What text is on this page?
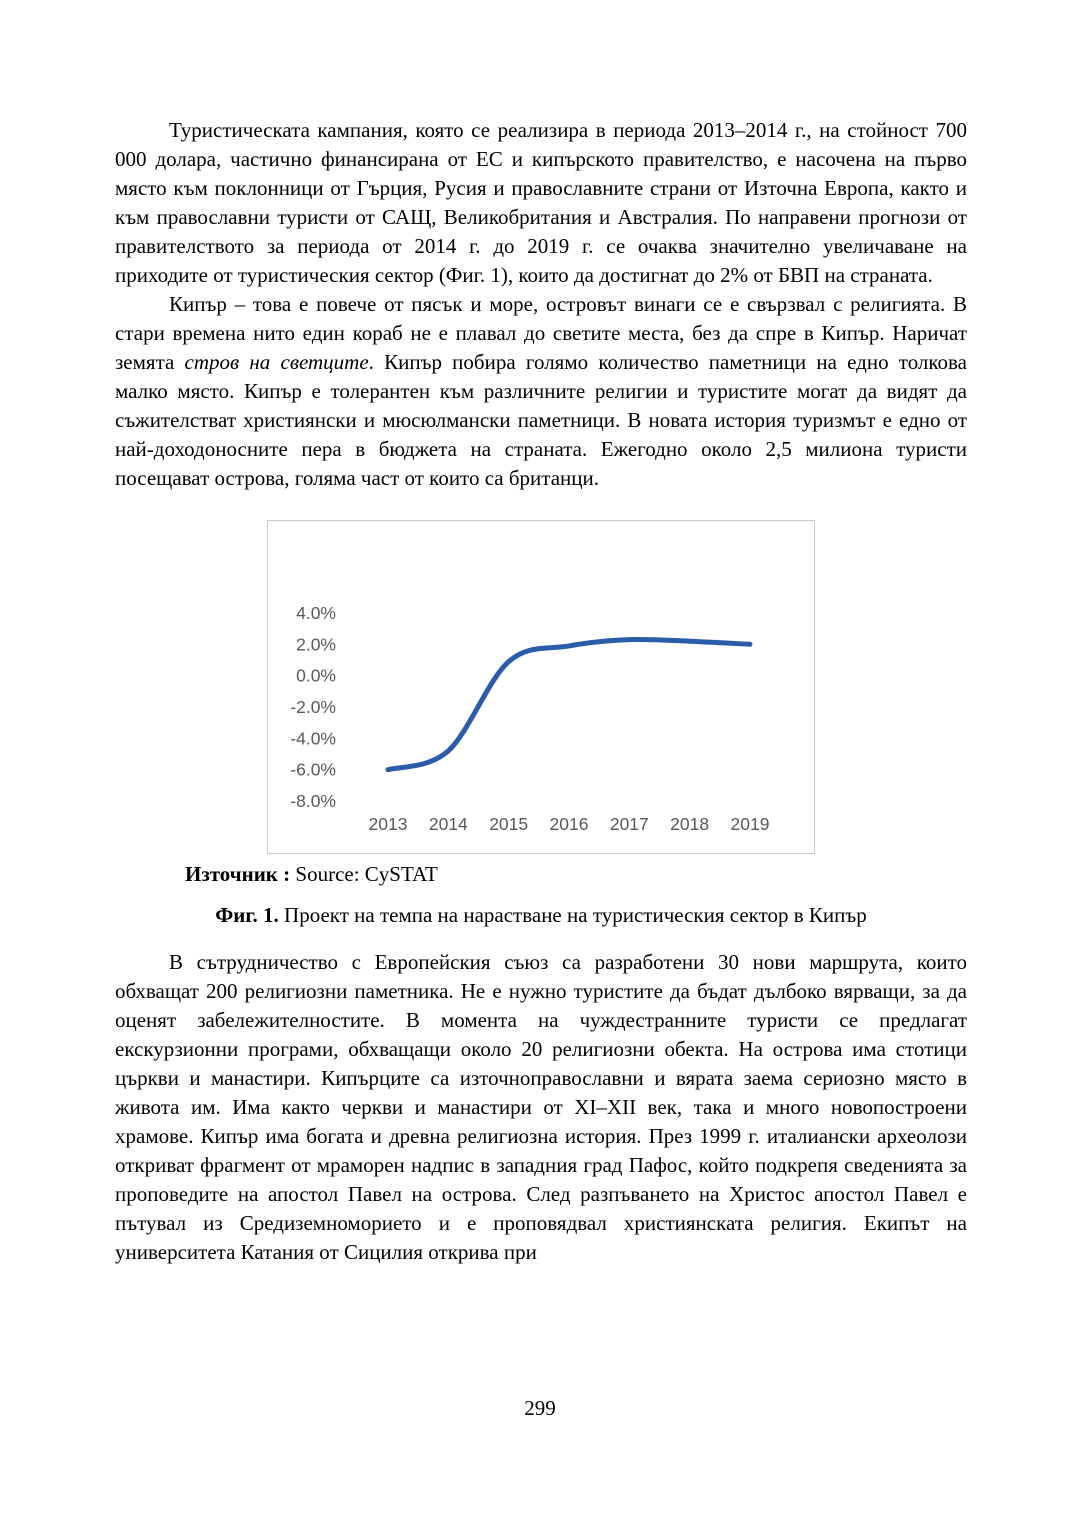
Туристическата кампания, която се реализира в периода 2013–2014 г., на стойност 700 000 долара, частично финансирана от ЕС и кипърското правителство, е насочена на първо място към поклонници от Гърция, Русия и православните страни от Източна Европа, както и към православни туристи от САЩ, Великобритания и Австралия. По направени прогнози от правителството за периода от 2014 г. до 2019 г. се очаква значително увеличаване на приходите от туристическия сектор (Фиг. 1), които да достигнат до 2% от БВП на страната.

Кипър – това е повече от пясък и море, островът винаги се е свързвал с религията. В стари времена нито един кораб не е плавал до светите места, без да спре в Кипър. Наричат земята стров на светците. Кипър побира голямо количество паметници на едно толкова малко място. Кипър е толерантен към различните религии и туристите могат да видят да съжителстват християнски и мюсюлмански паметници. В новата история туризмът е едно от най-доходоносните пера в бюджета на страната. Ежегодно около 2,5 милиона туристи посещават острова, голяма част от които са британци.

4.0%
2.0%
0.0%
-2.0%
-4.0%
-6.0%
-8.0%
2013 2014 2015 2016 2017 2018 2019
Източник : Source: CySTAT
Фиг. 1. Проект на темпа на нарастване на туристическия сектор в Кипър

В сътрудничество с Европейския съюз са разработени 30 нови маршрута, които обхващат 200 религиозни паметника. Не е нужно туристите да бъдат дълбоко вярващи, за да оценят забележителностите. В момента на чуждестранните туристи се предлагат екскурзионни програми, обхващащи около 20 религиозни обекта. На острова има стотици църкви и манастири. Кипърците са източноправославни и вярата заема сериозно място в живота им. Има както черкви и манастири от XI–XII век, така и много новопостроени храмове. Кипър има богата и древна религиозна история. През 1999 г. италиански археолози откриват фрагмент от мраморен надпис в западния град Пафос, който подкрепя сведенията за проповедите на апостол Павел на острова. След разпъването на Христос апостол Павел е пътувал из Средиземноморието и е проповядвал християнската религия. Екипът на университета Катания от Сицилия открива при

299
